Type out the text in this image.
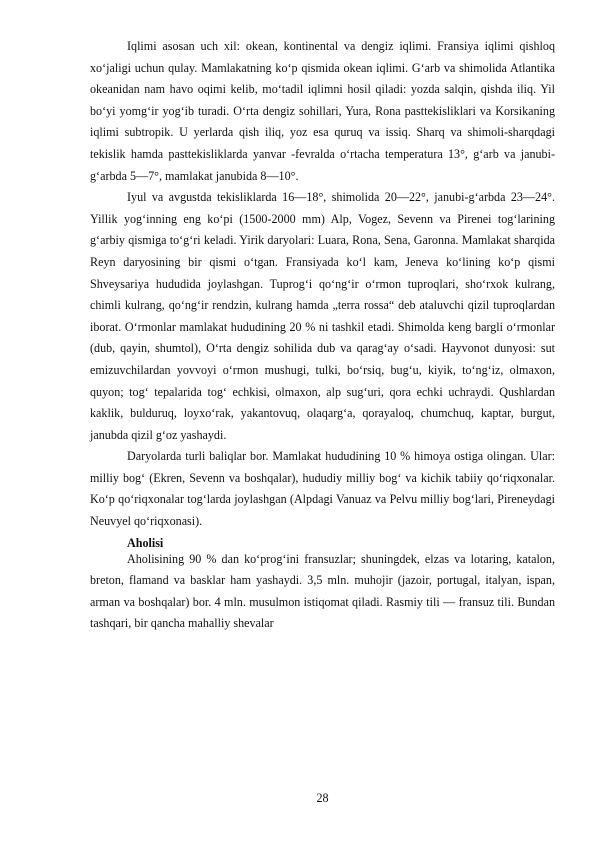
Iqlimi asosan uch xil: okean, kontinental va dengiz iqlimi. Fransiya iqlimi qishloq xo‘jaligi uchun qulay. Mamlakatning ko‘p qismida okean iqlimi. G‘arb va shimolida Atlantika okeanidan nam havo oqimi kelib, mo‘tadil iqlimni hosil qiladi: yozda salqin, qishda iliq. Yil bo‘yi yomg‘ir yog‘ib turadi. O‘rta dengiz sohillari, Yura, Rona pasttekisliklari va Korsikaning iqlimi subtropik. U yerlarda qish iliq, yoz esa quruq va issiq. Sharq va shimoli-sharqdagi tekislik hamda pasttekisliklarda yanvar -fevralda o‘rtacha temperatura 13°, g‘arb va janubi-g‘arbda 5—7°, mamlakat janubida 8—10°.

Iyul va avgustda tekisliklarda 16—18°, shimolida 20—22°, janubi-g‘arbda 23—24°. Yillik yog‘inning eng ko‘pi (1500-2000 mm) Alp, Vogez, Sevenn va Pirenei tog‘larining g‘arbiy qismiga to‘g‘ri keladi. Yirik daryolari: Luara, Rona, Sena, Garonna. Mamlakat sharqida Reyn daryosining bir qismi o‘tgan. Fransiyada ko‘l kam, Jeneva ko‘lining ko‘p qismi Shveysariya hududida joylashgan. Tuprog‘i qo‘ng‘ir o‘rmon tuproqlari, sho‘rxok kulrang, chimli kulrang, qo‘ng‘ir rendzin, kulrang hamda „terra rossa“ deb ataluvchi qizil tuproqlardan iborat. O‘rmonlar mamlakat hududining 20 % ni tashkil etadi. Shimolda keng bargli o‘rmonlar (dub, qayin, shumtol), O‘rta dengiz sohilida dub va qarag‘ay o‘sadi. Hayvonot dunyosi: sut emizuvchilardan yovvoyi o‘rmon mushugi, tulki, bo‘rsiq, bug‘u, kiyik, to‘ng‘iz, olmaxon, quyon; tog‘ tepalarida tog‘ echkisi, olmaxon, alp sug‘uri, qora echki uchraydi. Qushlardan kaklik, bulduruq, loyxo‘rak, yakantovuq, olaqarg‘a, qorayaloq, chumchuq, kaptar, burgut, janubda qizil g‘oz yashaydi.

Daryolarda turli baliqlar bor. Mamlakat hududining 10 % himoya ostiga olingan. Ular: milliy bog‘ (Ekren, Sevenn va boshqalar), hududiy milliy bog‘ va kichik tabiiy qo‘riqxonalar. Ko‘p qo‘riqxonalar tog‘larda joylashgan (Alpdagi Vanuaz va Pelvu milliy bog‘lari, Pireneydagi Neuvyel qo‘riqxonasi).

Aholisi

Aholisining 90 % dan ko‘prog‘ini fransuzlar; shuningdek, elzas va lotaring, katalon, breton, flamand va basklar ham yashaydi. 3,5 mln. muhojir (jazoir, portugal, italyan, ispan, arman va boshqalar) bor. 4 mln. musulmon istiqomat qiladi. Rasmiy tili — fransuz tili. Bundan tashqari, bir qancha mahalliy shevalar

28
